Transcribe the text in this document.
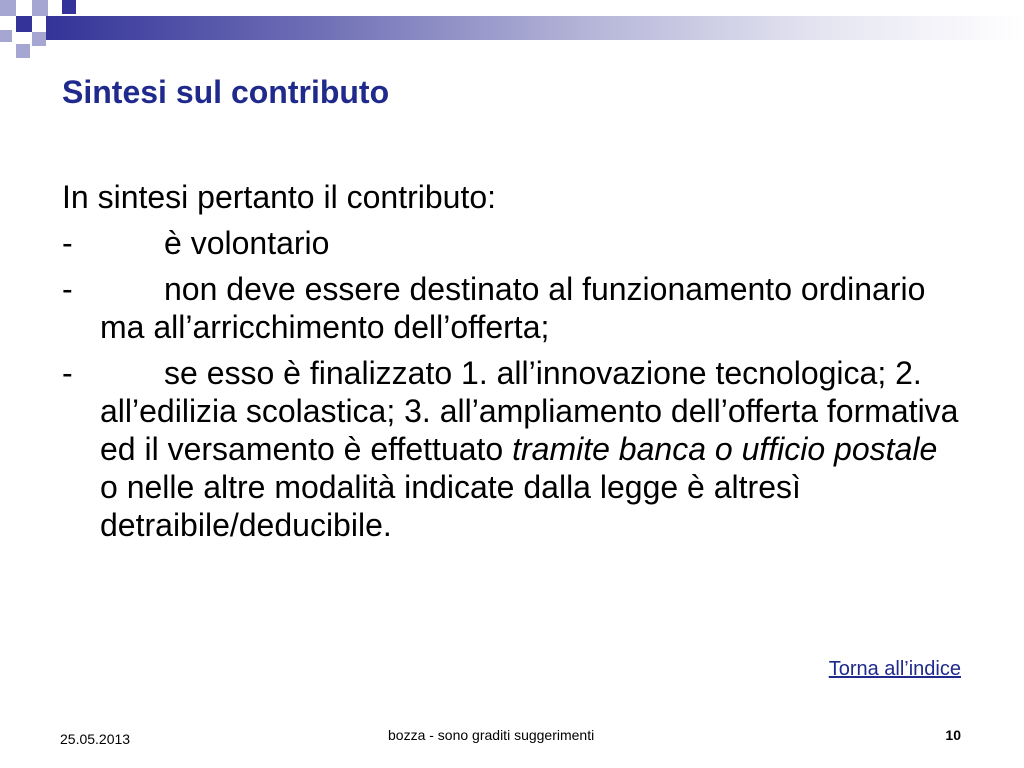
Sintesi sul contributo

In sintesi pertanto il contributo:

-	è volontario

-	non deve essere destinato al funzionamento ordinario ma all’arricchimento dell’offerta;

-	se esso è finalizzato 1. all’innovazione tecnologica; 2. all’edilizia scolastica; 3. all’ampliamento dell’offerta formativa ed il versamento è effettuato tramite banca o ufficio postale o nelle altre modalità indicate dalla legge è altresì detraibile/deducibile.

Torna all’indice
25.05.2013	bozza - sono graditi suggerimenti	10
